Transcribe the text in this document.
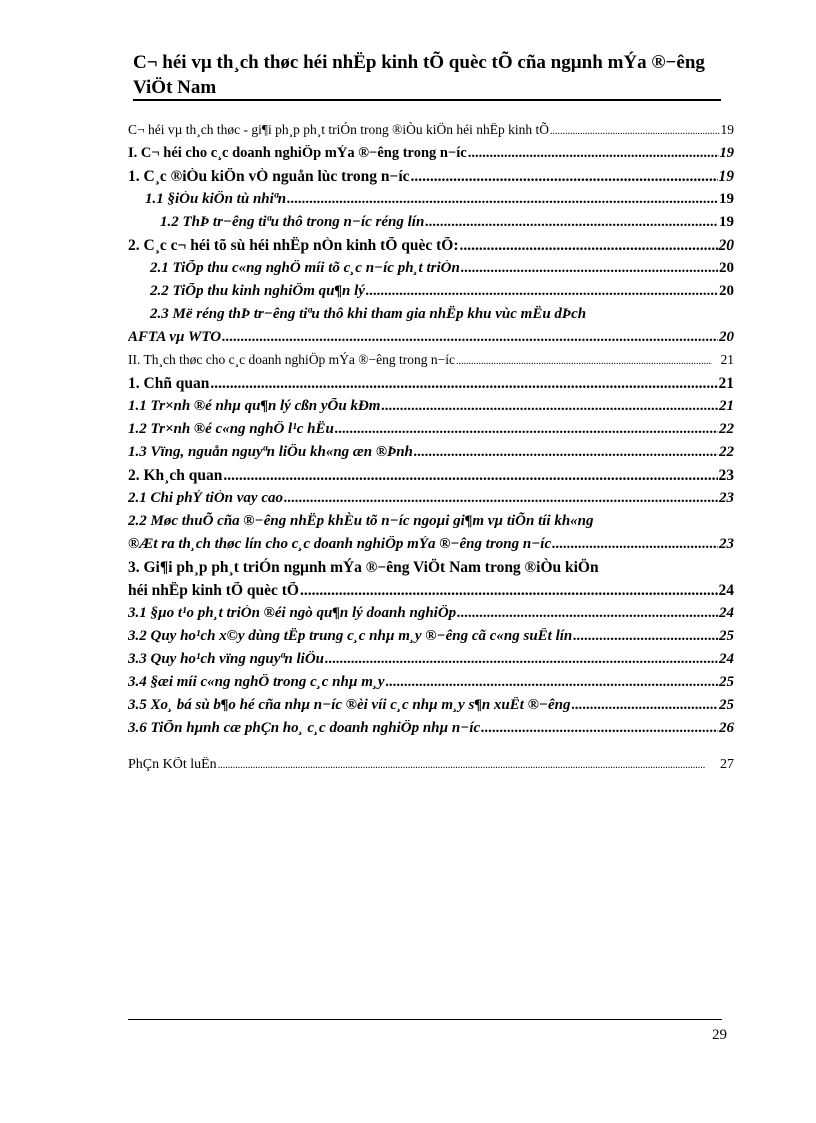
C¬ héi vµ th¸ch thøc héi nhËp kinh tÕ quèc tÕ cña ngµnh mÝa ®−êng ViÖt Nam
C¬ héi vµ th¸ch thøc - gi¶i ph¸p ph¸t triÓn trong ®iÒu kiÖn héi nhËp kinh tÕ .....	19
I. C¬ héi cho c¸c doanh nghiÖp mÝa ®−êng trong n−íc .....	19
1. C¸c ®iÒu kiÖn vÒ nguån lùc trong n−íc .....	19
1.1 §iÒu kiÖn tù nhiªn .....	19
1.2 ThÞ tr−êng tiªu thô trong n−íc réng lín .....	19
2. C¸c c¬ héi tõ sù héi nhËp nÒn kinh tÕ quèc tÕ: .....	20
2.1 TiÕp thu c«ng nghÖ míi tõ c¸c n−íc ph¸t triÓn .....	20
2.2 TiÕp thu kinh nghiÖm qu¶n lý .....	20
2.3 Më réng thÞ tr−êng tiªu thô khi tham gia nhËp khu vùc mËu dÞch
AFTA vµ WTO .....	20
II. Th¸ch thøc cho c¸c doanh nghiÖp mÝa ®−êng trong n−íc .....	21
1. Chñ quan .....	21
1.1 Tr×nh ®é nhµ qu¶n lý cßn yÕu kÐm .....	21
1.2 Tr×nh ®é c«ng nghÖ l¹c hËu .....	22
1.3 Vïng, nguån nguyªn liÖu kh«ng æn ®Þnh .....	22
2. Kh¸ch quan .....	23
2.1 Chi phÝ tiÒn vay cao .....	23
2.2 Møc thuÕ cña ®−êng nhËp khÈu tõ n−íc ngoµi gi¶m vµ tiÕn tíi kh«ng
®Æt ra th¸ch thøc lín cho c¸c doanh nghiÖp mÝa ®−êng trong n−íc .....	23
3. Gi¶i ph¸p ph¸t triÓn ngµnh mÝa ®−êng ViÖt Nam trong ®iÒu kiÖn
héi nhËp kinh tÕ quèc tÕ .....	24
3.1 §µo t¹o ph¸t triÓn ®éi ngò qu¶n lý doanh nghiÖp .....	24
3.2 Quy ho¹ch x©y dùng tËp trung c¸c nhµ m¸y ®−êng cã c«ng suÊt lín .....	25
3.3 Quy ho¹ch vïng nguyªn liÖu .....	24
3.4 §æi míi c«ng nghÖ trong c¸c nhµ m¸y .....	25
3.5 Xo¸ bá sù b¶o hé cña nhµ n−íc ®èi víi c¸c nhµ m¸y s¶n xuÊt ®−êng .....	25
3.6 TiÕn hµnh cæ phÇn ho¸ c¸c doanh nghiÖp nhµ n−íc .....	26
PhÇn KÕt luËn .....	27
29
